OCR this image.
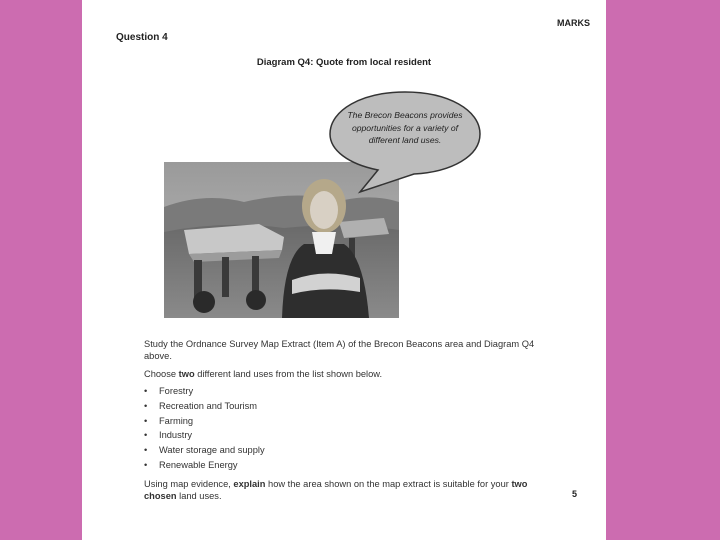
MARKS
Question 4
Diagram Q4: Quote from local resident
The Brecon Beacons provides opportunities for a variety of different land uses.
Study the Ordnance Survey Map Extract (Item A) of the Brecon Beacons area and Diagram Q4 above.
Choose two different land uses from the list shown below.
•	Forestry
•	Recreation and Tourism
•	Farming
•	Industry
•	Water storage and supply
•	Renewable Energy
Using map evidence, explain how the area shown on the map extract is suitable for your two chosen land uses.	5
